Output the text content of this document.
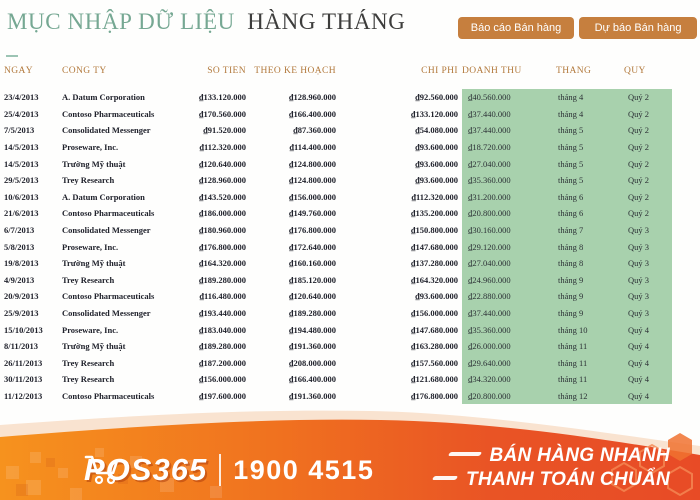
MỤC NHẬP DỮ LIỆU HÀNG THÁNG	Báo cáo Bán hàng	Dự báo Bán hàng
NGÀY	CÔNG TY	SỐ TIỀN	THEO KẾ HOẠCH	CHI PHÍ	DOANH THU	THÁNG	QUÝ
23/4/2013	A. Datum Corporation	₫133.120.000	₫128.960.000	₫92.560.000	₫40.560.000	tháng 4	Quý 2
25/4/2013	Contoso Pharmaceuticals	₫170.560.000	₫166.400.000	₫133.120.000	₫37.440.000	tháng 4	Quý 2
7/5/2013	Consolidated Messenger	₫91.520.000	₫87.360.000	₫54.080.000	₫37.440.000	tháng 5	Quý 2
14/5/2013	Proseware, Inc.	₫112.320.000	₫114.400.000	₫93.600.000	₫18.720.000	tháng 5	Quý 2
14/5/2013	Trường Mỹ thuật	₫120.640.000	₫124.800.000	₫93.600.000	₫27.040.000	tháng 5	Quý 2
29/5/2013	Trey Research	₫128.960.000	₫124.800.000	₫93.600.000	₫35.360.000	tháng 5	Quý 2
10/6/2013	A. Datum Corporation	₫143.520.000	₫156.000.000	₫112.320.000	₫31.200.000	tháng 6	Quý 2
21/6/2013	Contoso Pharmaceuticals	₫186.000.000	₫149.760.000	₫135.200.000	₫20.800.000	tháng 6	Quý 2
6/7/2013	Consolidated Messenger	₫180.960.000	₫176.800.000	₫150.800.000	₫30.160.000	tháng 7	Quý 3
5/8/2013	Proseware, Inc.	₫176.800.000	₫172.640.000	₫147.680.000	₫29.120.000	tháng 8	Quý 3
19/8/2013	Trường Mỹ thuật	₫164.320.000	₫160.160.000	₫137.280.000	₫27.040.000	tháng 8	Quý 3
4/9/2013	Trey Research	₫189.280.000	₫185.120.000	₫164.320.000	₫24.960.000	tháng 9	Quý 3
20/9/2013	Contoso Pharmaceuticals	₫116.480.000	₫120.640.000	₫93.600.000	₫22.880.000	tháng 9	Quý 3
25/9/2013	Consolidated Messenger	₫193.440.000	₫189.280.000	₫156.000.000	₫37.440.000	tháng 9	Quý 3
15/10/2013	Proseware, Inc.	₫183.040.000	₫194.480.000	₫147.680.000	₫35.360.000	tháng 10	Quý 4
8/11/2013	Trường Mỹ thuật	₫189.280.000	₫191.360.000	₫163.280.000	₫26.000.000	tháng 11	Quý 4
26/11/2013	Trey Research	₫187.200.000	₫208.000.000	₫157.560.000	₫29.640.000	tháng 11	Quý 4
30/11/2013	Trey Research	₫156.000.000	₫166.400.000	₫121.680.000	₫34.320.000	tháng 11	Quý 4
11/12/2013	Contoso Pharmaceuticals	₫197.600.000	₫191.360.000	₫176.800.000	₫20.800.000	tháng 12	Quý 4
POS365 1900 4515	BÁN HÀNG NHANH
THANH TOÁN CHUẨN
